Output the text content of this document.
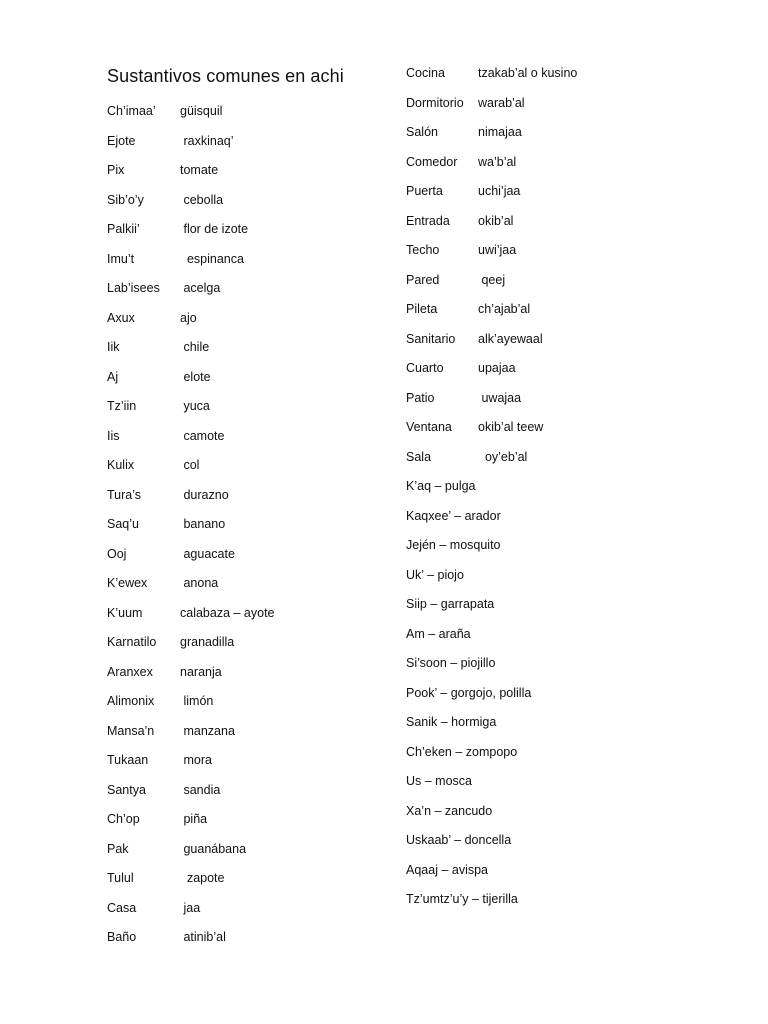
Sustantivos comunes en achi
Ch’imaa’ güisquil
Ejote	raxkinaq’
Pix	tomate
Sib’o’y	cebolla
Palkii’	flor de izote
Imu’t	espinanca
Lab’isees acelga
Axux	ajo
Iik	chile
Aj	elote
Tz’iin	yuca
Iis	camote
Kulix	col
Tura’s	durazno
Saq’u	banano
Ooj	aguacate
K’ewex	anona
K’uum	calabaza – ayote
Karnatilo granadilla
Aranxex naranja
Alimonix limón
Mansa’n manzana
Tukaan	mora
Santya	sandia
Ch’op	piña
Pak	guanábana
Tulul	zapote
Casa	jaa
Baño	atinib’al
Cocina	tzakab’al o kusino
Dormitorio warab’al
Salón	nimajaa
Comedor wa’b’al
Puerta	uchi’jaa
Entrada okib’al
Techo	uwi’jaa
Pared	qeej
Pileta	ch’ajab’al
Sanitario alk’ayewaal
Cuarto	upajaa
Patio	uwajaa
Ventana okib’al teew
Sala	oy’eb’al
K’aq – pulga
Kaqxee’ – arador
Jején – mosquito
Uk’ – piojo
Siip – garrapata
Am – araña
Si’soon – piojillo
Pook’ – gorgojo, polilla
Sanik – hormiga
Ch’eken – zompopo
Us – mosca
Xa’n – zancudo
Uskaab’ – doncella
Aqaaj – avispa
Tz’umtz’u’y – tijerilla
